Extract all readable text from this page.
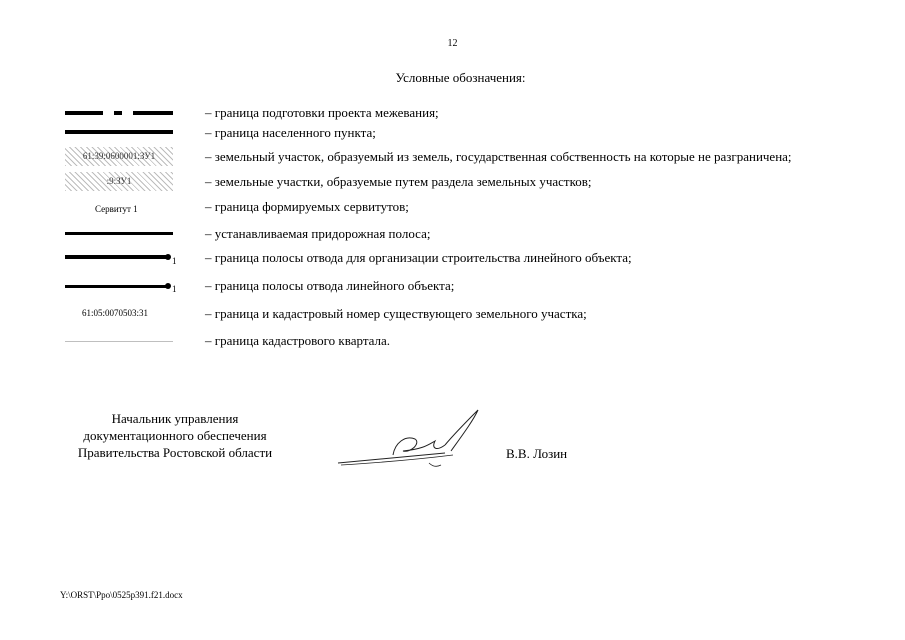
12
Условные обозначения:
– граница подготовки проекта межевания;
– граница населенного пункта;
61:39:0600001:ЗУ1	– земельный участок, образуемый из земель, государственная собственность на которые не разграничена;
:9:ЗУ1	– земельные участки, образуемые путем раздела земельных участков;
Сервитут 1	– граница формируемых сервитутов;
– устанавливаемая придорожная полоса;
1 – граница полосы отвода для организации строительства линейного объекта;
1 – граница полосы отвода линейного объекта;
61:05:0070503:31	– граница и кадастровый номер существующего земельного участка;
– граница кадастрового квартала.
Начальник управления
документационного обеспечения
Правительства Ростовской области	В.В. Лозин
Y:\ORST\Ppo\0525p391.f21.docx
